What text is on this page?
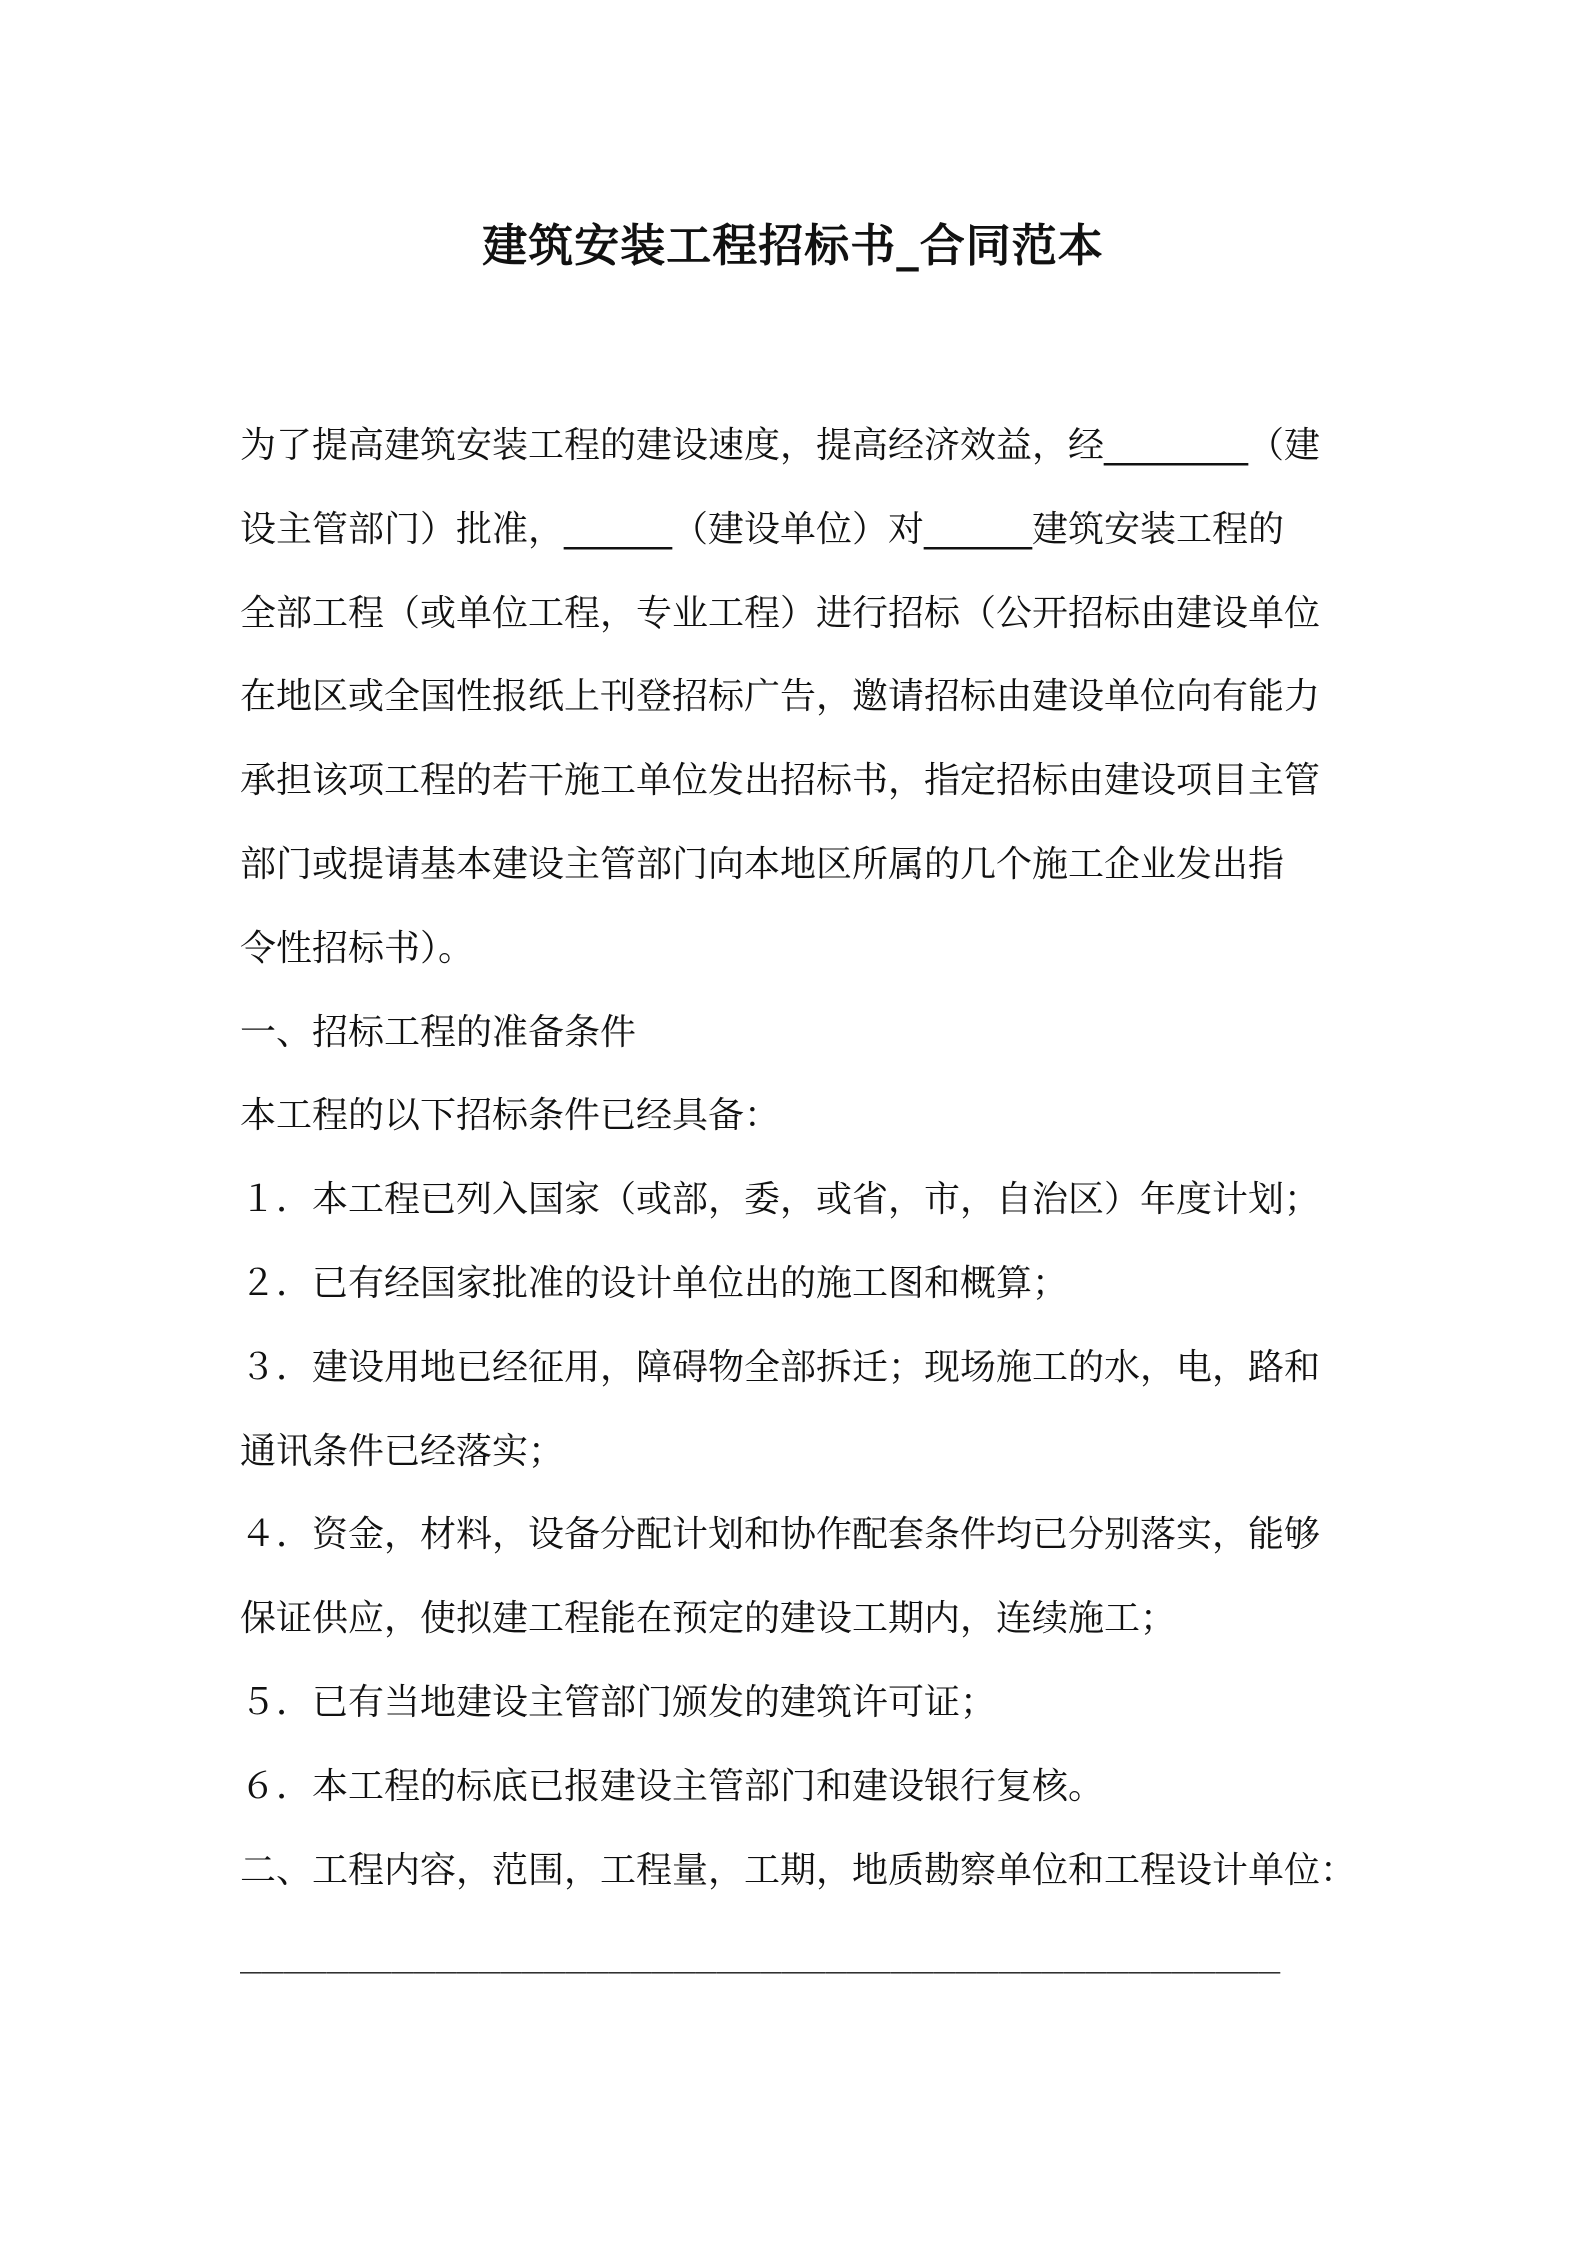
建筑安装工程招标书_合同范本
为了提高建筑安装工程的建设速度，提高经济效益，经________（建
设主管部门）批准，______（建设单位）对______建筑安装工程的
全部工程（或单位工程，专业工程）进行招标（公开招标由建设单位
在地区或全国性报纸上刊登招标广告，邀请招标由建设单位向有能力
承担该项工程的若干施工单位发出招标书，指定招标由建设项目主管
部门或提请基本建设主管部门向本地区所属的几个施工企业发出指
令性招标书）。
一、招标工程的准备条件
本工程的以下招标条件已经具备：
１．本工程已列入国家（或部，委，或省，市，自治区）年度计划；
２．已有经国家批准的设计单位出的施工图和概算；
３．建设用地已经征用，障碍物全部拆迁；现场施工的水，电，路和
通讯条件已经落实；
４．资金，材料，设备分配计划和协作配套条件均已分别落实，能够
保证供应，使拟建工程能在预定的建设工期内，连续施工；
５．已有当地建设主管部门颁发的建筑许可证；
６．本工程的标底已报建设主管部门和建设银行复核。
二、工程内容，范围，工程量，工期，地质勘察单位和工程设计单位：
________________________________________________
